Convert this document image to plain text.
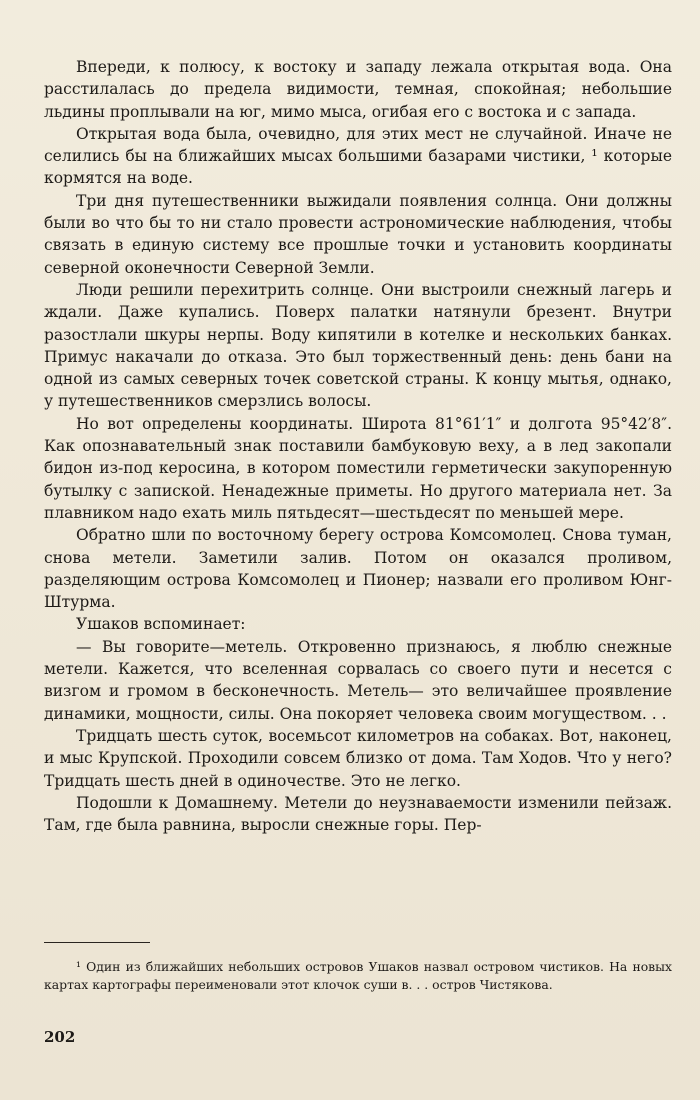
Впереди, к полюсу, к востоку и западу лежала открытая вода. Она расстилалась до предела видимости, темная, спокойная; небольшие льдины проплывали на юг, мимо мыса, огибая его с востока и с запада.

Открытая вода была, очевидно, для этих мест не случайной. Иначе не селились бы на ближайших мысах большими базарами чистики, ¹ которые кормятся на воде.

Три дня путешественники выжидали появления солнца. Они должны были во что бы то ни стало провести астрономические наблюдения, чтобы связать в единую систему все прошлые точки и установить координаты северной оконечности Северной Земли.

Люди решили перехитрить солнце. Они выстроили снежный лагерь и ждали. Даже купались. Поверх палатки натянули брезент. Внутри разостлали шкуры нерпы. Воду кипятили в котелке и нескольких банках. Примус накачали до отказа. Это был торжественный день: день бани на одной из самых северных точек советской страны. К концу мытья, однако, у путешественников смерзлись волосы.

Но вот определены координаты. Широта 81°61′1″ и долгота 95°42′8″. Как опознавательный знак поставили бамбуковую веху, а в лед закопали бидон из-под керосина, в котором поместили герметически закупоренную бутылку с запиской. Ненадежные приметы. Но другого материала нет. За плавником надо ехать миль пятьдесят—шестьдесят по меньшей мере.

Обратно шли по восточному берегу острова Комсомолец. Снова туман, снова метели. Заметили залив. Потом он оказался проливом, разделяющим острова Комсомолец и Пионер; назвали его проливом Юнг-Штурма.

Ушаков вспоминает:

— Вы говорите—метель. Откровенно признаюсь, я люблю снежные метели. Кажется, что вселенная сорвалась со своего пути и несется с визгом и громом в бесконечность. Метель— это величайшее проявление динамики, мощности, силы. Она покоряет человека своим могуществом. . .

Тридцать шесть суток, восемьсот километров на собаках. Вот, наконец, и мыс Крупской. Проходили совсем близко от дома. Там Ходов. Что у него? Тридцать шесть дней в одиночестве. Это не легко.

Подошли к Домашнему. Метели до неузнаваемости изменили пейзаж. Там, где была равнина, выросли снежные горы. Пер-

¹ Один из ближайших небольших островов Ушаков назвал островом чистиков. На новых картах картографы переименовали этот клочок суши в. . . остров Чистякова.

202
